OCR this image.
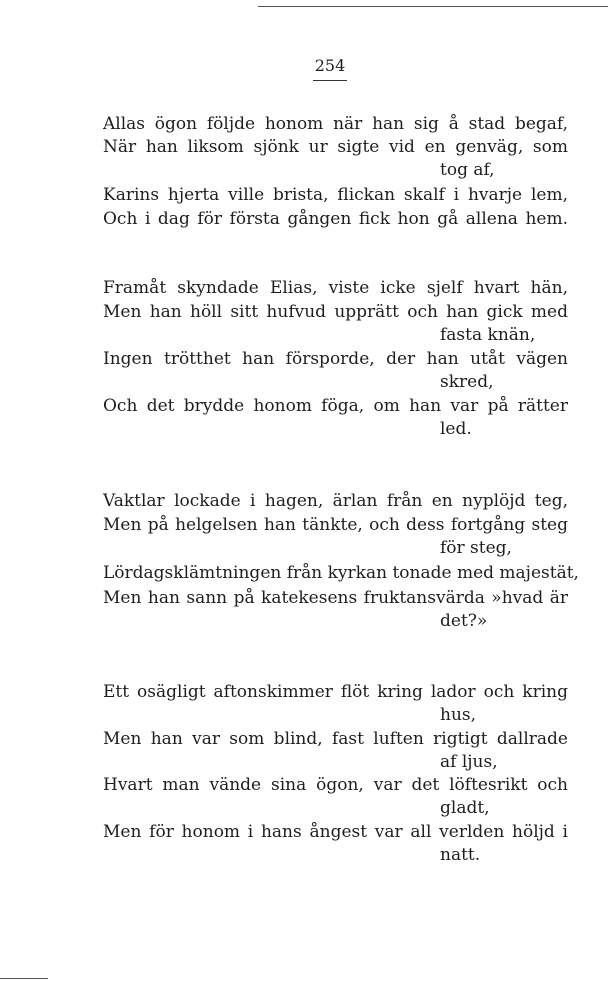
254
Allas ögon följde honom när han sig å stad begaf,
När han liksom sjönk ur sigte vid en genväg, som
tog af,
Karins hjerta ville brista, flickan skalf i hvarje lem,
Och i dag för första gången fick hon gå allena hem.
Framåt skyndade Elias, viste icke sjelf hvart hän,
Men han höll sitt hufvud upprätt och han gick med
fasta knän,
Ingen trötthet han försporde, der han utåt vägen
skred,
Och det brydde honom föga, om han var på rätter
led.
Vaktlar lockade i hagen, ärlan från en nyplöjd teg,
Men på helgelsen han tänkte, och dess fortgång steg
för steg,
Lördagsklämtningen från kyrkan tonade med majestät,
Men han sann på katekesens fruktansvärda »hvad är
det?»
Ett osägligt aftonskimmer flöt kring lador och kring
hus,
Men han var som blind, fast luften rigtigt dallrade
af ljus,
Hvart man vände sina ögon, var det löftesrikt och
gladt,
Men för honom i hans ångest var all verlden höljd i
natt.
